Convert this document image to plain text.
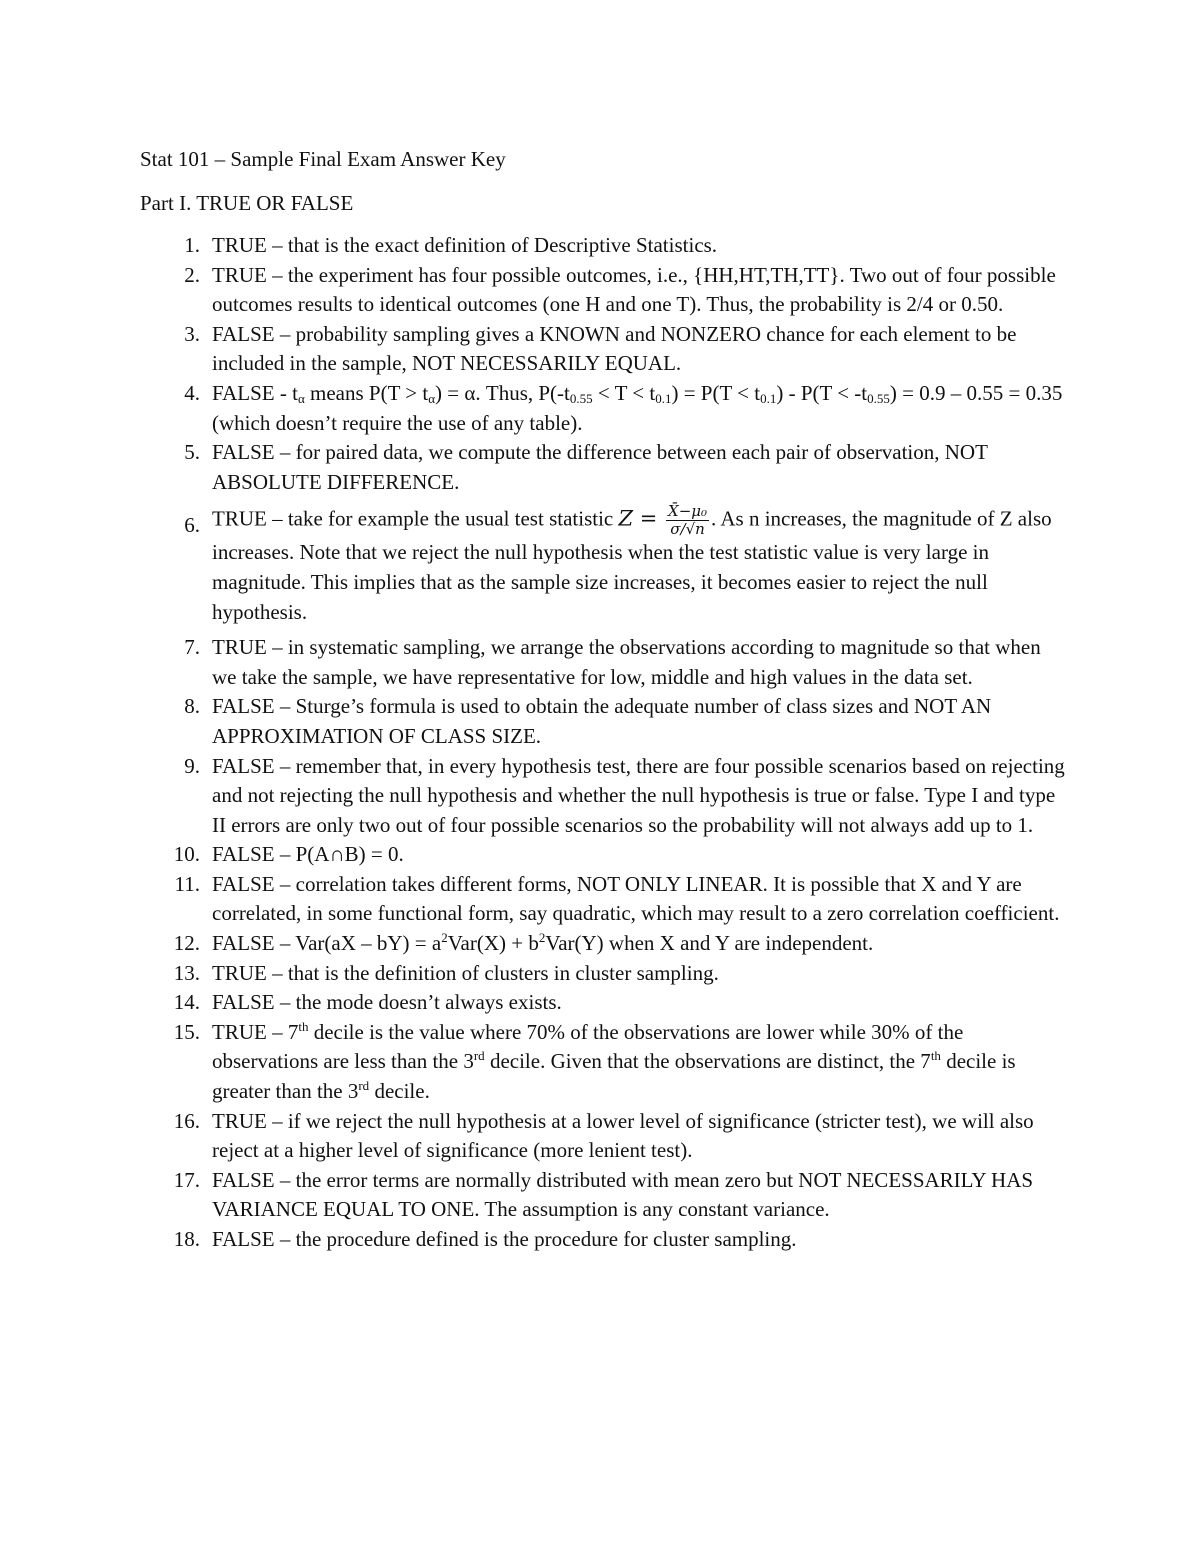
Stat 101 – Sample Final Exam Answer Key
Part I. TRUE OR FALSE
1. TRUE – that is the exact definition of Descriptive Statistics.
2. TRUE – the experiment has four possible outcomes, i.e., {HH,HT,TH,TT}. Two out of four possible outcomes results to identical outcomes (one H and one T). Thus, the probability is 2/4 or 0.50.
3. FALSE – probability sampling gives a KNOWN and NONZERO chance for each element to be included in the sample, NOT NECESSARILY EQUAL.
4. FALSE - $t_\alpha$ means $P(T > t_\alpha) = \alpha$. Thus, $P(-t_{0.55} < T < t_{0.1}) = P(T < t_{0.1}) - P(T < -t_{0.55}) = 0.9 - 0.55 = 0.35$ (which doesn’t require the use of any table).
5. FALSE – for paired data, we compute the difference between each pair of observation, NOT ABSOLUTE DIFFERENCE.
6. TRUE – take for example the usual test statistic $Z = \frac{\text{X̄−μ₀}}{\sigma/√n}$ . As n increases, the magnitude of Z also increases. Note that we reject the null hypothesis when the test statistic value is very large in magnitude. This implies that as the sample size increases, it becomes easier to reject the null hypothesis.
7. TRUE – in systematic sampling, we arrange the observations according to magnitude so that when we take the sample, we have representative for low, middle and high values in the data set.
8. FALSE – Sturge’s formula is used to obtain the adequate number of class sizes and NOT AN APPROXIMATION OF CLASS SIZE.
9. FALSE – remember that, in every hypothesis test, there are four possible scenarios based on rejecting and not rejecting the null hypothesis and whether the null hypothesis is true or false. Type I and type II errors are only two out of four possible scenarios so the probability will not always add up to 1.
10. FALSE – P(A∩B) = 0.
11. FALSE – correlation takes different forms, NOT ONLY LINEAR. It is possible that X and Y are correlated, in some functional form, say quadratic, which may result to a zero correlation coefficient.
12. FALSE – $Var(aX - bY) = a^2Var(X) + b^2Var(Y)$ when X and Y are independent.
13. TRUE – that is the definition of clusters in cluster sampling.
14. FALSE – the mode doesn’t always exists.
15. TRUE – 7th decile is the value where 70% of the observations are lower while 30% of the observations are less than the 3rd decile. Given that the observations are distinct, the 7th decile is greater than the 3rd decile.
16. TRUE – if we reject the null hypothesis at a lower level of significance (stricter test), we will also reject at a higher level of significance (more lenient test).
17. FALSE – the error terms are normally distributed with mean zero but NOT NECESSARILY HAS VARIANCE EQUAL TO ONE. The assumption is any constant variance.
18. FALSE – the procedure defined is the procedure for cluster sampling.
